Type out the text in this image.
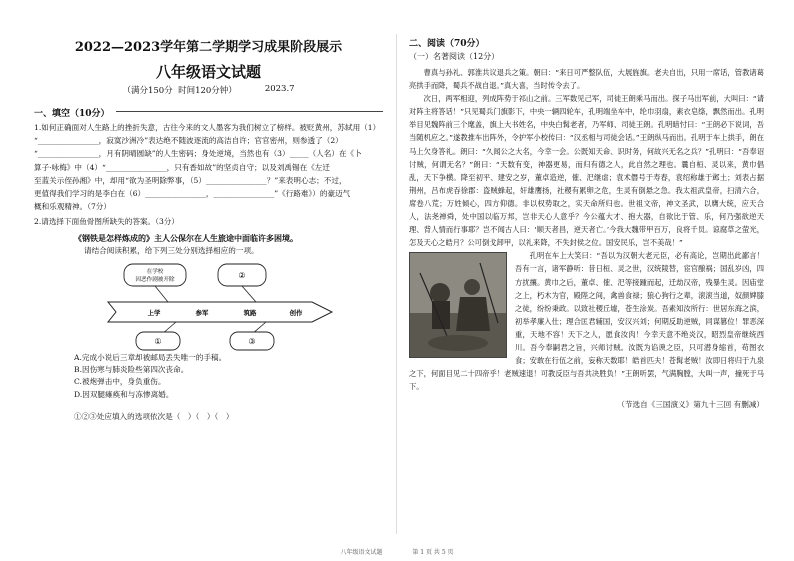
2022—2023学年第二学期学习成果阶段展示

八年级语文试题

（满分150分 时间120分钟）	2023.7
一、填空（10分）

1.如何正确面对人生路上的挫折失意，古往今来的文人墨客为我们树立了榜样。被贬黄州，苏轼用（1）

“________________，寂寞沙洲冷”表达绝不随波逐流的高洁自许；官官密州，则参透了（2）

“________________，月有阴晴圆缺”的人生密码；身处逆境，当然也有（3）_____（人名）在《卜

算子·咏梅》中（4）“________________，只有香如故”的坚贞自守；以及刘禹锡在《左迁

至蓝关示侄孙湘》中，却用“欲为圣明除弊事，（5）________________？”来表明心志；不过，

更值得我们学习的是李白在（6）________________，________________”《行路难》）的豪迈气

概和乐观精神。（7分）

2.请选择下面鱼骨图所缺失的答案。（3分）

《钢铁是怎样炼成的》主人公保尔在人生旅途中面临许多困境。

请结合阅读积累，给下列三处分别选择相应的一项。

在学校
因恶作剧被开除	②
上学	参军	筑路	创作
①	③

A.完成小说后三章却被邮局丢失唯一的手稿。

B.因伤寒与肺炎险些第四次丧命。

C.被炮弹击中，身负重伤。

D.因双腿瘫痪和与冻惨离婚。

①②③处应填入的选项依次是（　）（　）（　）

二、阅读（70分）

（一）名著阅读（12分）

曹真与孙礼、郭淮共议退兵之策。朝曰：“来日可严整队伍，大展旌旗。老夫自出，只用一席话，管教诸葛亮拱手而降，蜀兵不战自退。”真大喜，当时传令去了。

次日，两军相迎，列成阵势于祁山之前。三军数见己军，司徒王朗乘马而出。探子马出军前，大叫曰：“请对阵主将答话！”只见蜀兵门旗影下，中央一辆四轮车，孔明端坐车中，纶巾羽扇，素衣皂绦，飘然而出。孔明举目见魏阵前三个麾盖，旗上大书姓名，中央白髯老者，乃军师、司徒王朗。孔明暗忖曰：“王朗必下说词，吾当随机应之。”遂教推车出阵外，令护军小校传曰：“汉丞相与司徒会话。”王朗纵马而出。孔明于车上拱手，朗在马上欠身答礼。朗曰：“久闻公之大名，今幸一会。公既知天命、识时务，何故兴无名之兵？”孔明曰：“吾奉诏讨贼，何谓无名？”朗曰：“天数有变，神器更易，而归有德之人，此自然之理也。曩自桓、灵以来，黄巾倡乱，天下争横。降至初平、建安之岁，董卓造逆，傕、汜继虐；袁术僭号于寿春，袁绍称雄于邺土；刘表占据荆州，吕布虎吞徐郡：盗贼蜂起，奸雄鹰扬，社稷有累卵之危，生灵有倒悬之急。我太祖武皇帝，扫清六合，席卷八荒；万姓倾心，四方仰德。非以权势取之，实天命所归也。世祖文帝，神文圣武，以膺大统，应天合人，法尧禅舜，处中国以临万邦，岂非天心人意乎？今公蕴大才、抱大器，自欲比于管、乐，何乃强欲逆天理、背人情而行事耶？岂不闻古人曰：‘顺天者昌，逆天者亡。’今我大魏带甲百万，良将千员。谅腐草之萤光，怎及天心之皓月？公可倒戈卸甲，以礼来降，不失封侯之位。国安民乐，岂不美哉！”

孔明在车上大笑曰：“吾以为汉朝大老元臣，必有高论，岂期出此鄙言！吾有一言，诸军静听：昔日桓、灵之世，汉统陵替，宦官酿祸；国乱岁凶，四方扰攘。黄巾之后，董卓、傕、汜等接踵而起，迁劫汉帝，残暴生灵。因庙堂之上，朽木为官，殿陛之间，禽兽食禄；狼心狗行之辈，滚滚当道，奴颜婢膝之徒，纷纷秉政。以致社稷丘墟，苍生涂炭。吾素知汝所行：世居东海之滨，初举孝廉入仕；理合匡君辅国，安汉兴刘；何期反助逆贼，同谋篡位！罪恶深重，天地不容！天下之人，愿食汝肉！今幸天意不绝炎汉，昭烈皇帝继统西川。吾今奉嗣君之旨，兴师讨贼。汝既为谄谀之臣，只可潜身缩首，苟图衣食；安敢在行伍之前，妄称天数耶！皓首匹夫！苍髯老贼！汝即日将归于九泉之下，何面目见二十四帝乎！老贼速退！可教反臣与吾共决胜负！”王朗听罢，气满胸膛，大叫一声，撞死于马下。

（节选自《三国演义》第九十三回 有删减）

八年级语文试题	第 1 页 共 5 页
